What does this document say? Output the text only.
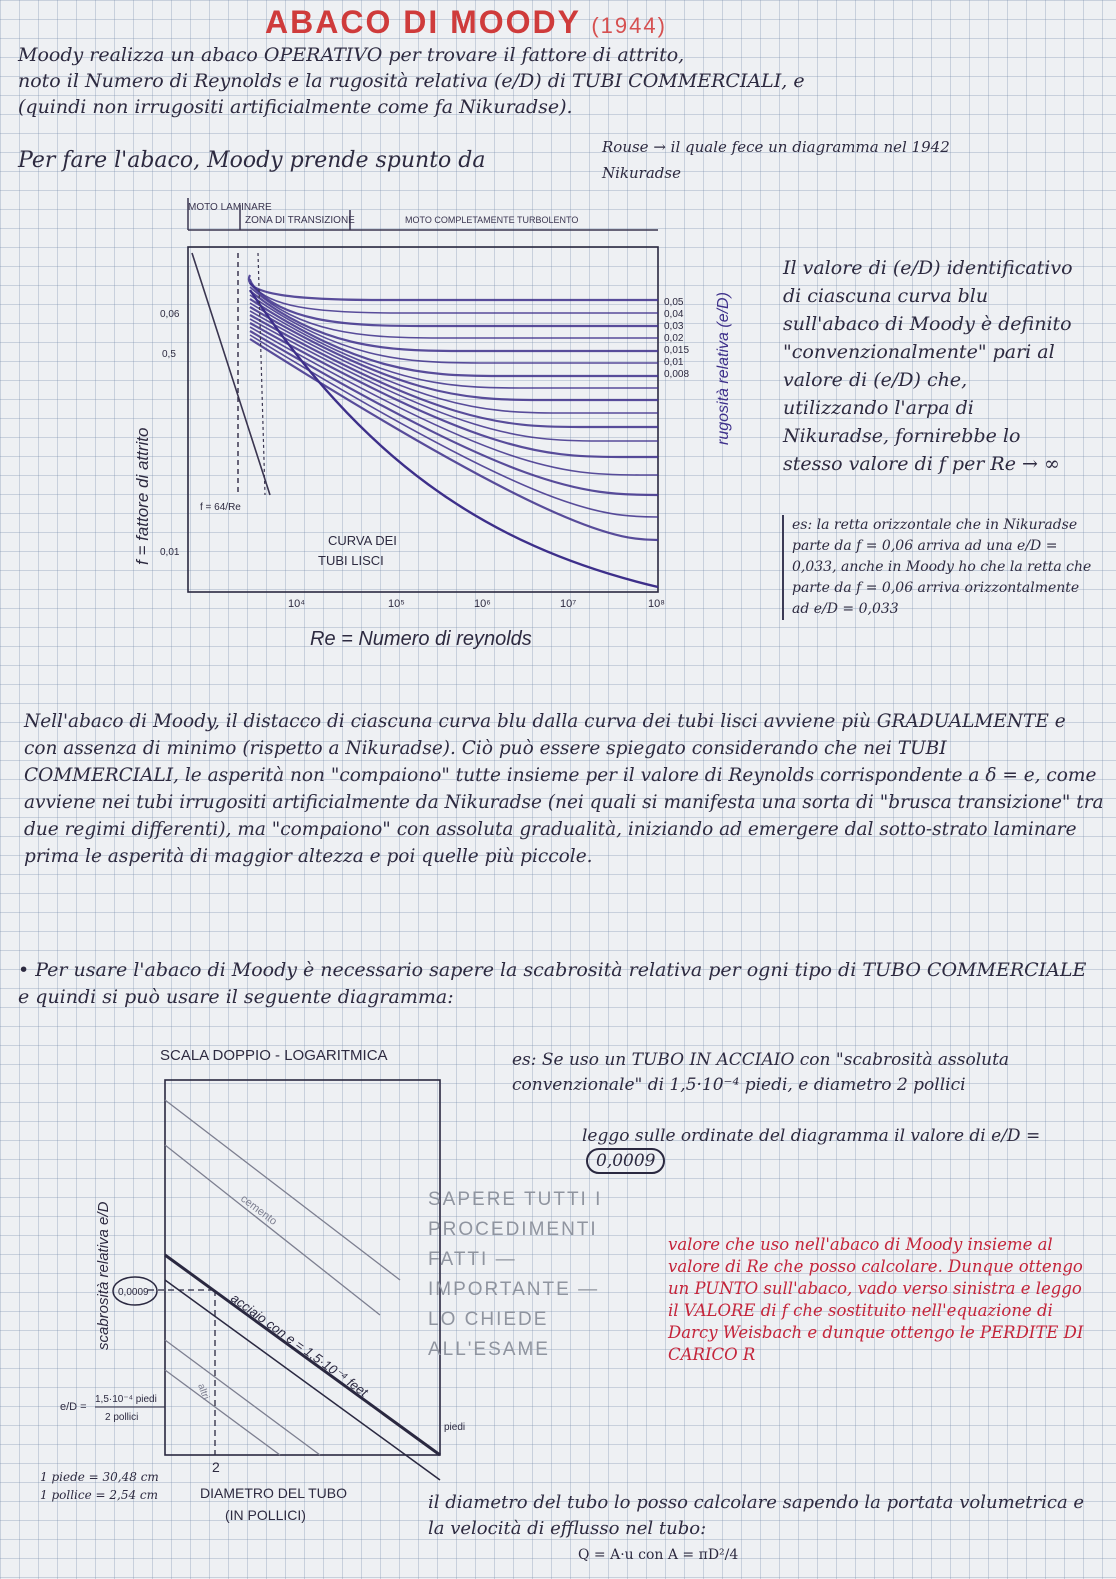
ABACO DI MOODY (1944)
Moody realizza un abaco OPERATIVO per trovare il fattore di attrito,
noto il Numero di Reynolds e la rugosità relativa (e/D) di TUBI COMMERCIALI, e
(quindi non irrugositi artificialmente come fa Nikuradse).
Per fare l'abaco, Moody prende spunto da
Rouse → il quale fece un diagramma nel 1942
Nikuradse
MOTO LAMINARE
ZONA DI TRANSIZIONE	MOTO COMPLETAMENTE TURBOLENTO
f = fattore di attrito
0,06
0,5
0,01
10⁴	10⁵	10⁶	10⁷	10⁸
Re = Numero di reynolds
0,05
0,04
0,03
0,02
0,015
0,01
0,008 rugosità relativa (e/D)
f = 64/Re
CURVA DEI
TUBI LISCI
Il valore di (e/D) identificativo di ciascuna curva blu sull'abaco di Moody è definito "convenzionalmente" pari al valore di (e/D) che, utilizzando l'arpa di Nikuradse, fornirebbe lo stesso valore di f per Re → ∞
es: la retta orizzontale che in Nikuradse parte da f = 0,06 arriva ad una e/D = 0,033, anche in Moody ho che la retta che parte da f = 0,06 arriva orizzontalmente ad e/D = 0,033
Nell'abaco di Moody, il distacco di ciascuna curva blu dalla curva dei tubi lisci avviene più GRADUALMENTE e con assenza di minimo (rispetto a Nikuradse). Ciò può essere spiegato considerando che nei TUBI COMMERCIALI, le asperità non "compaiono" tutte insieme per il valore di Reynolds corrispondente a δ = e, come avviene nei tubi irrugositi artificialmente da Nikuradse (nei quali si manifesta una sorta di "brusca transizione" tra due regimi differenti), ma "compaiono" con assoluta gradualità, iniziando ad emergere dal sotto-strato laminare prima le asperità di maggior altezza e poi quelle più piccole.
• Per usare l'abaco di Moody è necessario sapere la scabrosità relativa per ogni tipo di TUBO COMMERCIALE e quindi si può usare il seguente diagramma:
SCALA DOPPIO - LOGARITMICA
cemento
acciaio con e = 1,5·10⁻⁴ feet
piedi
altri
scabrosità relativa e/D 0,0009
2
DIAMETRO DEL TUBO
(IN POLLICI)
e/D =
1,5·10⁻⁴ piedi
2 pollici
es: Se uso un TUBO IN ACCIAIO con "scabrosità assoluta convenzionale" di 1,5·10⁻⁴ piedi, e diametro 2 pollici
leggo sulle ordinate del diagramma il valore di e/D = 0,0009
SAPERE TUTTI I PROCEDIMENTI FATTI — IMPORTANTE — LO CHIEDE ALL'ESAME
valore che uso nell'abaco di Moody insieme al valore di Re che posso calcolare. Dunque ottengo un PUNTO sull'abaco, vado verso sinistra e leggo il VALORE di f che sostituito nell'equazione di Darcy Weisbach e dunque ottengo le PERDITE DI CARICO R
1 piede = 30,48 cm
1 pollice = 2,54 cm	il diametro del tubo lo posso calcolare sapendo la portata volumetrica e la velocità di efflusso nel tubo:
Q = A·u con A = πD²/4
